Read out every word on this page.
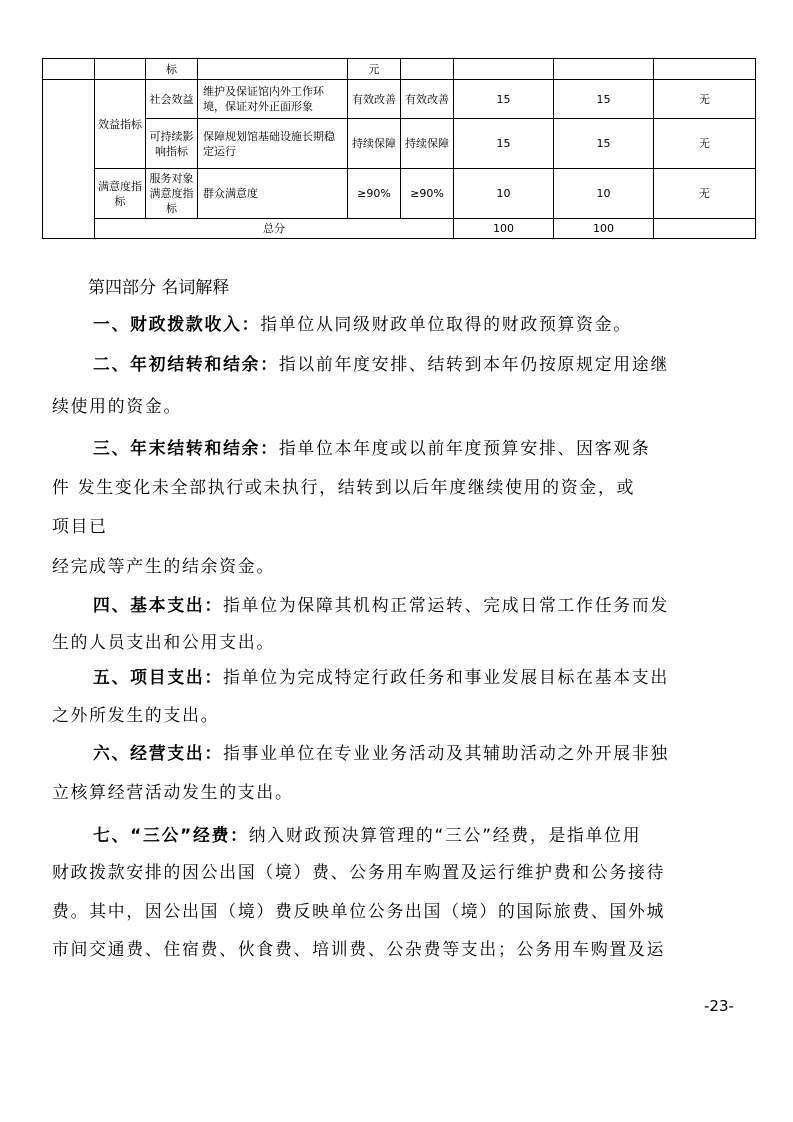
		标		元				
	效益指标	社会效益	维护及保证馆内外工作环境，保证对外正面形象	有效改善	有效改善	15	15	无
		可持续影响指标	保障规划馆基础设施长期稳定运行	持续保障	持续保障	15	15	无
	满意度指标	服务对象满意度指标	群众满意度	≥90%	≥90%	10	10	无
	总分					100	100	
第四部分 名词解释
一、财政拨款收入：指单位从同级财政单位取得的财政预算资金。
二、年初结转和结余：指以前年度安排、结转到本年仍按原规定用途继
续使用的资金。
三、年末结转和结余：指单位本年度或以前年度预算安排、因客观条
件 发生变化未全部执行或未执行，结转到以后年度继续使用的资金，或
项目已
经完成等产生的结余资金。
四、基本支出：指单位为保障其机构正常运转、完成日常工作任务而发
生的人员支出和公用支出。
五、项目支出：指单位为完成特定行政任务和事业发展目标在基本支出
之外所发生的支出。
六、经营支出：指事业单位在专业业务活动及其辅助活动之外开展非独
立核算经营活动发生的支出。
七、“三公”经费：纳入财政预决算管理的“三公”经费，是指单位用
财政拨款安排的因公出国（境）费、公务用车购置及运行维护费和公务接待
费。其中，因公出国（境）费反映单位公务出国（境）的国际旅费、国外城
市间交通费、住宿费、伙食费、培训费、公杂费等支出；公务用车购置及运
-23-
